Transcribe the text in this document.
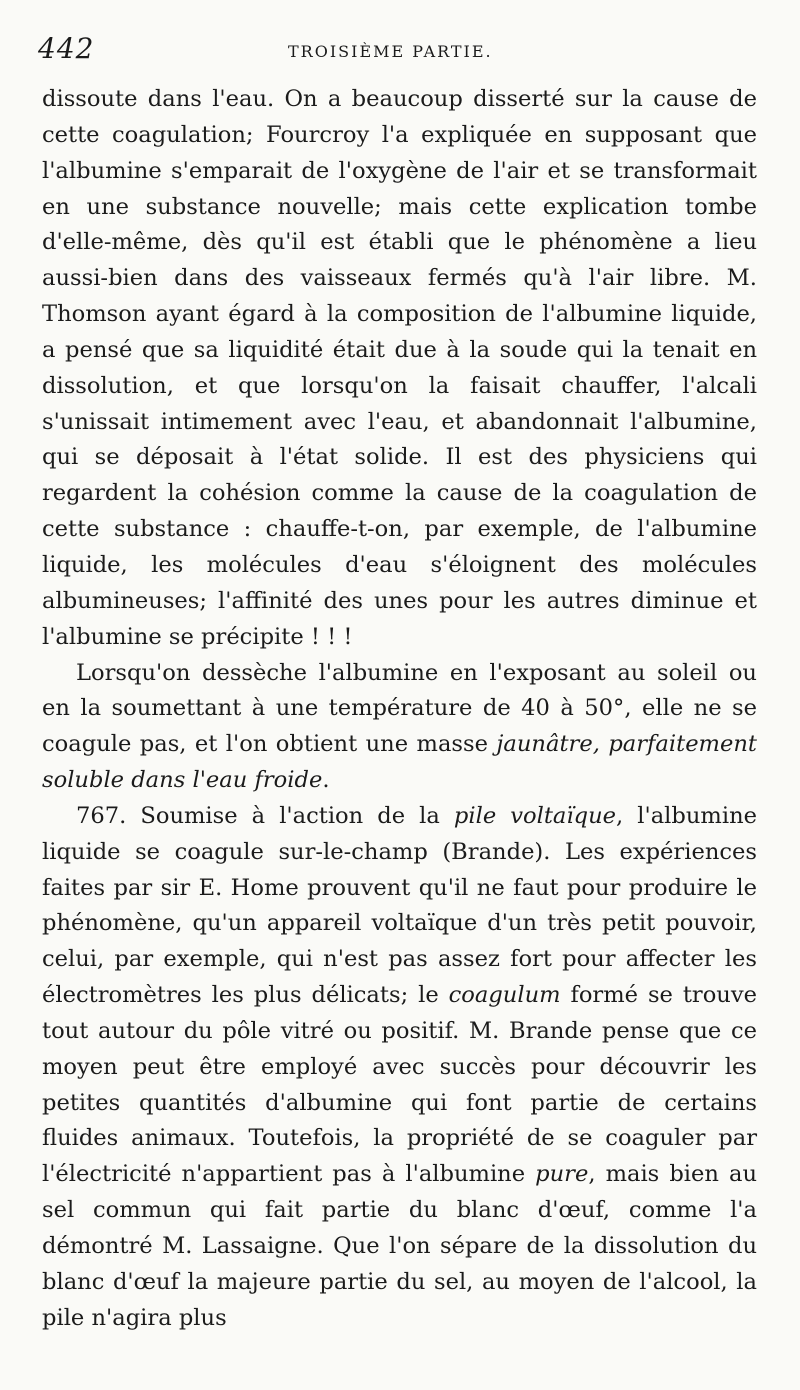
442	TROISIÈME PARTIE.

dissoute dans l'eau. On a beaucoup disserté sur la cause de cette coagulation; Fourcroy l'a expliquée en supposant que l'albumine s'emparait de l'oxygène de l'air et se transformait en une substance nouvelle; mais cette explication tombe d'elle-même, dès qu'il est établi que le phénomène a lieu aussi-bien dans des vaisseaux fermés qu'à l'air libre. M. Thomson ayant égard à la composition de l'albumine liquide, a pensé que sa liquidité était due à la soude qui la tenait en dissolution, et que lorsqu'on la faisait chauffer, l'alcali s'unissait intimement avec l'eau, et abandonnait l'albumine, qui se déposait à l'état solide. Il est des physiciens qui regardent la cohésion comme la cause de la coagulation de cette substance : chauffe-t-on, par exemple, de l'albumine liquide, les molécules d'eau s'éloignent des molécules albumineuses; l'affinité des unes pour les autres diminue et l'albumine se précipite ! ! !

Lorsqu'on dessèche l'albumine en l'exposant au soleil ou en la soumettant à une température de 40 à 50°, elle ne se coagule pas, et l'on obtient une masse jaunâtre, parfaitement soluble dans l'eau froide.

767. Soumise à l'action de la pile voltaïque, l'albumine liquide se coagule sur-le-champ (Brande). Les expériences faites par sir E. Home prouvent qu'il ne faut pour produire le phénomène, qu'un appareil voltaïque d'un très petit pouvoir, celui, par exemple, qui n'est pas assez fort pour affecter les électromètres les plus délicats; le coagulum formé se trouve tout autour du pôle vitré ou positif. M. Brande pense que ce moyen peut être employé avec succès pour découvrir les petites quantités d'albumine qui font partie de certains fluides animaux. Toutefois, la propriété de se coaguler par l'électricité n'appartient pas à l'albumine pure, mais bien au sel commun qui fait partie du blanc d'œuf, comme l'a démontré M. Lassaigne. Que l'on sépare de la dissolution du blanc d'œuf la majeure partie du sel, au moyen de l'alcool, la pile n'agira plus
